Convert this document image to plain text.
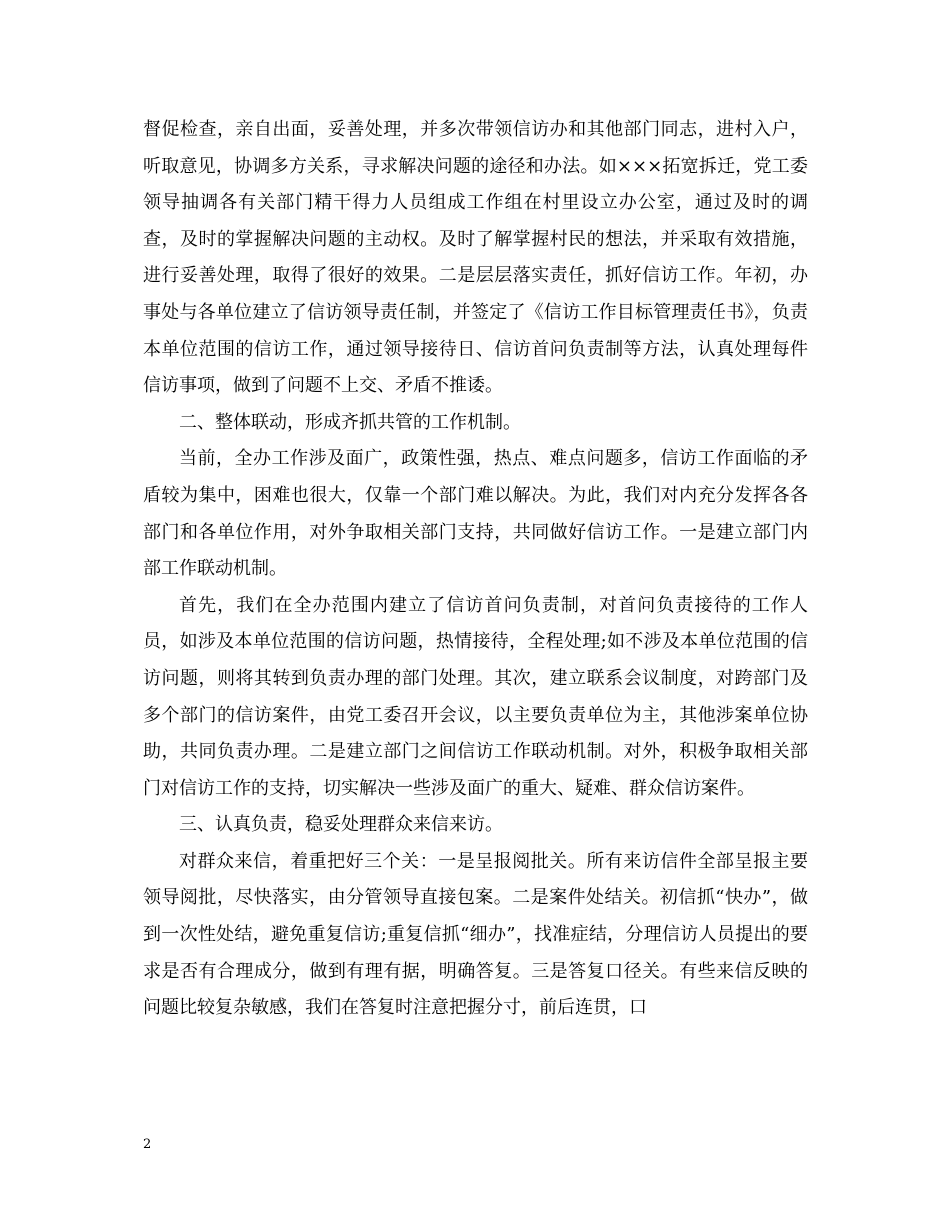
督促检查，亲自出面，妥善处理，并多次带领信访办和其他部门同志，进村入户，听取意见，协调多方关系，寻求解决问题的途径和办法。如×××拓宽拆迁，党工委领导抽调各有关部门精干得力人员组成工作组在村里设立办公室，通过及时的调查，及时的掌握解决问题的主动权。及时了解掌握村民的想法，并采取有效措施，进行妥善处理，取得了很好的效果。二是层层落实责任，抓好信访工作。年初，办事处与各单位建立了信访领导责任制，并签定了《信访工作目标管理责任书》，负责本单位范围的信访工作，通过领导接待日、信访首问负责制等方法，认真处理每件信访事项，做到了问题不上交、矛盾不推诿。

二、整体联动，形成齐抓共管的工作机制。

当前，全办工作涉及面广，政策性强，热点、难点问题多，信访工作面临的矛盾较为集中，困难也很大，仅靠一个部门难以解决。为此，我们对内充分发挥各各部门和各单位作用，对外争取相关部门支持，共同做好信访工作。一是建立部门内部工作联动机制。

首先，我们在全办范围内建立了信访首问负责制，对首问负责接待的工作人员，如涉及本单位范围的信访问题，热情接待，全程处理;如不涉及本单位范围的信访问题，则将其转到负责办理的部门处理。其次，建立联系会议制度，对跨部门及多个部门的信访案件，由党工委召开会议，以主要负责单位为主，其他涉案单位协助，共同负责办理。二是建立部门之间信访工作联动机制。对外，积极争取相关部门对信访工作的支持，切实解决一些涉及面广的重大、疑难、群众信访案件。

三、认真负责，稳妥处理群众来信来访。

对群众来信，着重把好三个关：一是呈报阅批关。所有来访信件全部呈报主要领导阅批，尽快落实，由分管领导直接包案。二是案件处结关。初信抓“快办”，做到一次性处结，避免重复信访;重复信抓“细办”，找准症结，分理信访人员提出的要求是否有合理成分，做到有理有据，明确答复。三是答复口径关。有些来信反映的问题比较复杂敏感，我们在答复时注意把握分寸，前后连贯，口

2
